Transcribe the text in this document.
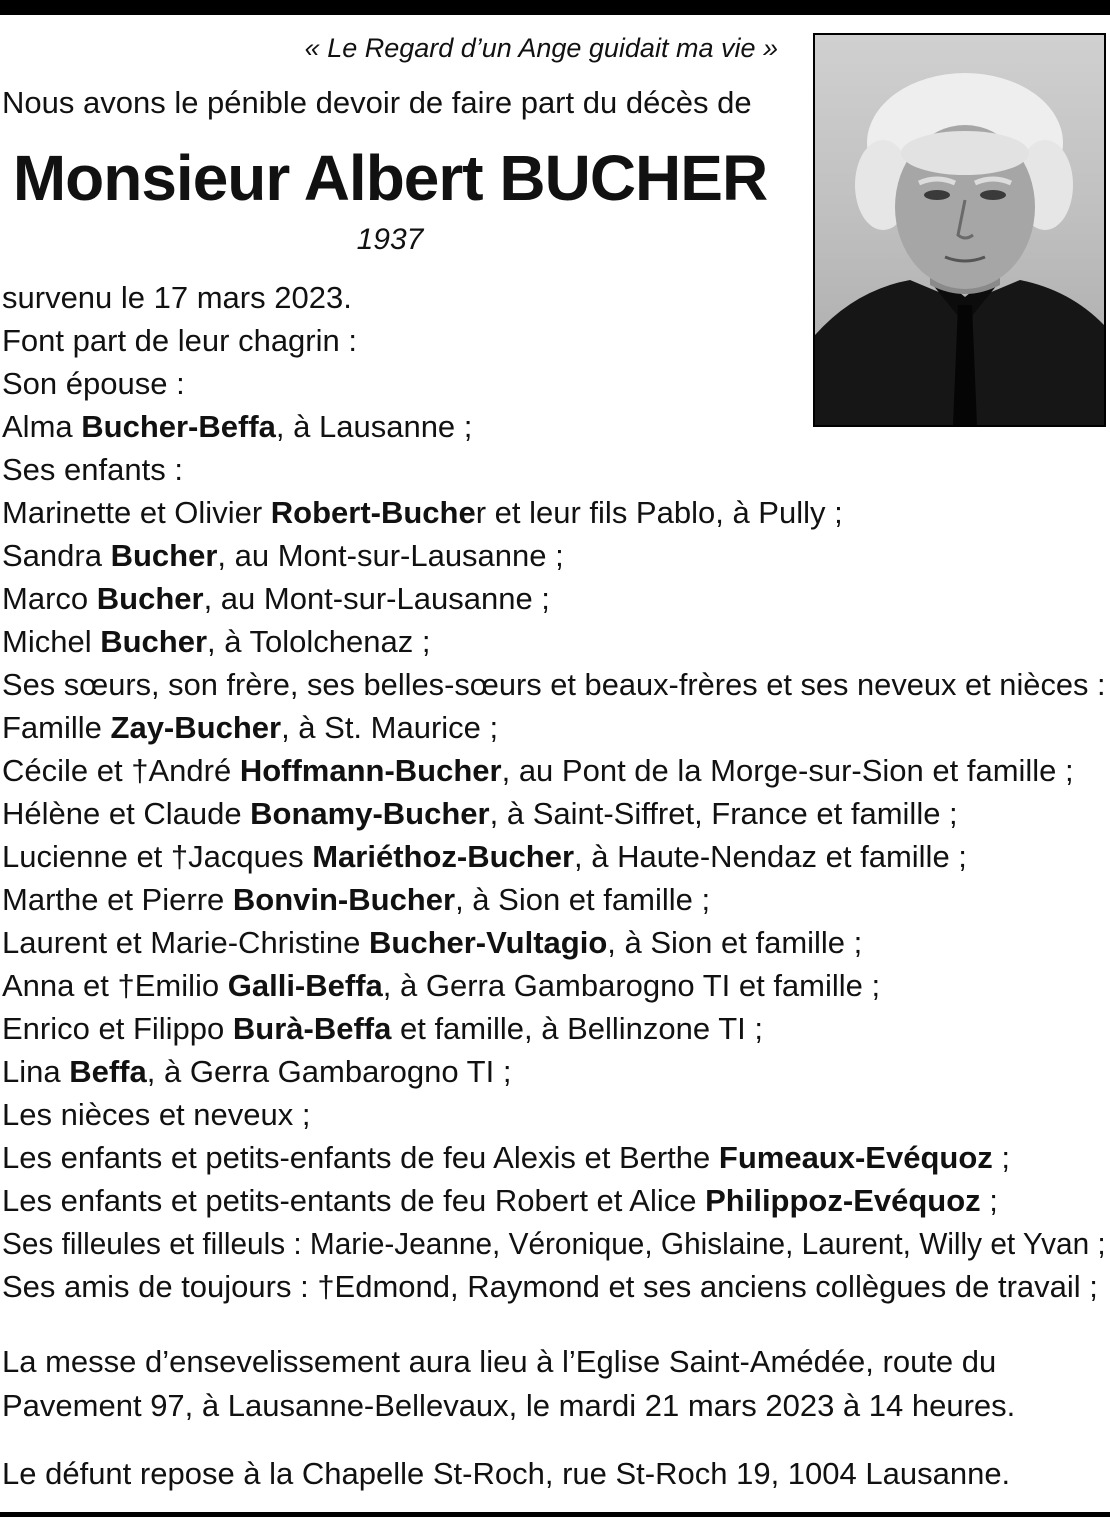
« Le Regard d’un Ange guidait ma vie »
Nous avons le pénible devoir de faire part du décès de
Monsieur Albert BUCHER
1937
survenu le 17 mars 2023.
Font part de leur chagrin :
Son épouse :
Alma Bucher-Beffa, à Lausanne ;
Ses enfants :
Marinette et Olivier Robert-Bucher et leur fils Pablo, à Pully ;
Sandra Bucher, au Mont-sur-Lausanne ;
Marco Bucher, au Mont-sur-Lausanne ;
Michel Bucher, à Tololchenaz ;
Ses sœurs, son frère, ses belles-sœurs et beaux-frères et ses neveux et nièces :
Famille Zay-Bucher, à St. Maurice ;
Cécile et †André Hoffmann-Bucher, au Pont de la Morge-sur-Sion et famille ;
Hélène et Claude Bonamy-Bucher, à Saint-Siffret, France et famille ;
Lucienne et †Jacques Mariéthoz-Bucher, à Haute-Nendaz et famille ;
Marthe et Pierre Bonvin-Bucher, à Sion et famille ;
Laurent et Marie-Christine Bucher-Vultagio, à Sion et famille ;
Anna et †Emilio Galli-Beffa, à Gerra Gambarogno TI et famille ;
Enrico et Filippo Burà-Beffa et famille, à Bellinzone TI ;
Lina Beffa, à Gerra Gambarogno TI ;
Les nièces et neveux ;
Les enfants et petits-enfants de feu Alexis et Berthe Fumeaux-Evéquoz ;
Les enfants et petits-entants de feu Robert et Alice Philippoz-Evéquoz ;
Ses filleules et filleuls : Marie-Jeanne, Véronique, Ghislaine, Laurent, Willy et Yvan ;
Ses amis de toujours : †Edmond, Raymond et ses anciens collègues de travail ;
La messe d’ensevelissement aura lieu à l’Eglise Saint-Amédée, route du
Pavement 97, à Lausanne-Bellevaux, le mardi 21 mars 2023 à 14 heures.
Le défunt repose à la Chapelle St-Roch, rue St-Roch 19, 1004 Lausanne.
